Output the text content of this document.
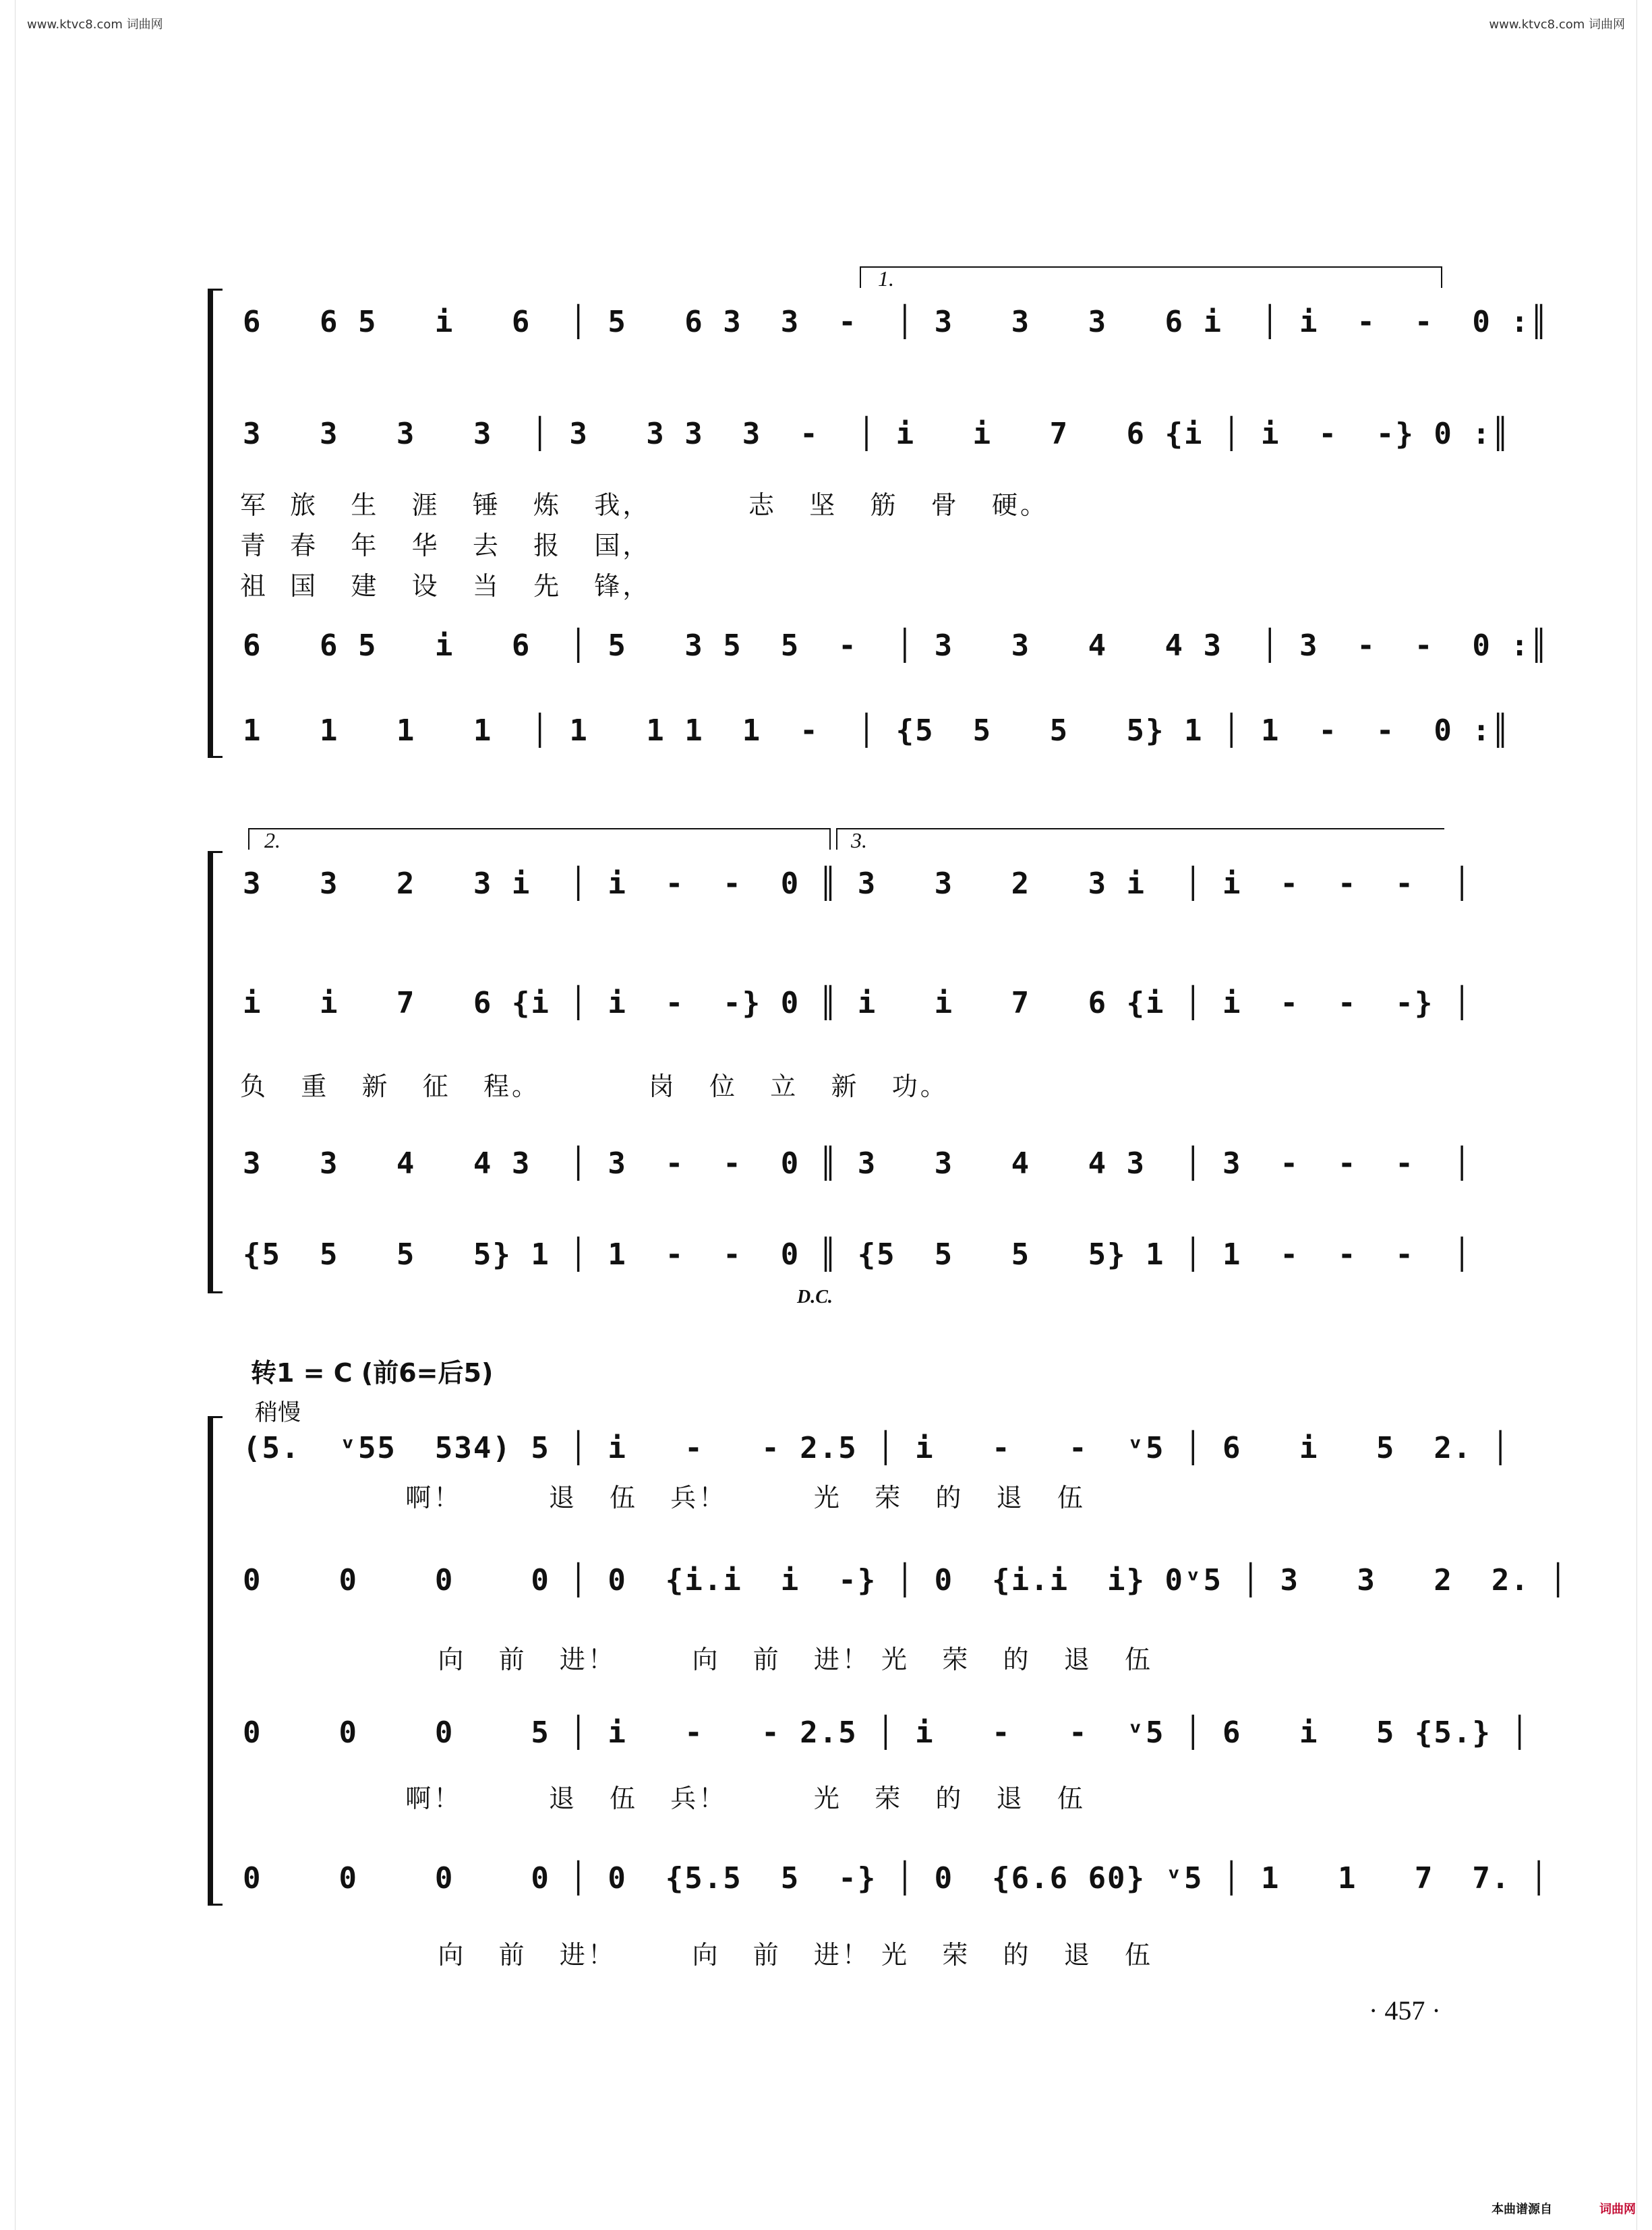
www.ktvc8.com 词曲网	www.ktvc8.com 词曲网
1.
6   6 5   i   6  │ 5   6 3  3  -  │ 3   3   3   6 i  │ i  -  -  0 :║
3   3   3   3  │ 3   3 3  3  -  │ i   i   7   6 {i │ i  -  -} 0 :║
军  旅   生   涯   锤   炼   我，         志   坚   筋   骨   硬。
青  春   年   华   去   报   国，
祖  国   建   设   当   先   锋，
6   6 5   i   6  │ 5   3 5  5  -  │ 3   3   4   4 3  │ 3  -  -  0 :║
1   1   1   1  │ 1   1 1  1  -  │ {5  5   5   5} 1 │ 1  -  -  0 :║
2.	3.
3   3   2   3 i  │ i  -  -  0 ║ 3   3   2   3 i  │ i  -  -  -  │
i   i   7   6 {i │ i  -  -} 0 ║ i   i   7   6 {i │ i  -  -  -} │
负   重   新   征   程。          岗   位   立   新   功。
3   3   4   4 3  │ 3  -  -  0 ║ 3   3   4   4 3  │ 3  -  -  -  │
{5  5   5   5} 1 │ 1  -  -  0 ║ {5  5   5   5} 1 │ 1  -  -  -  │
D.C.
转1 = C (前6=后5)
稍慢
(5.  ᵛ55  534) 5 │ i   -   - 2.5 │ i   -   -  ᵛ5 │ 6   i   5  2. │
啊！        退   伍   兵！        光   荣   的   退   伍
0    0    0    0 │ 0  {i.i  i  -} │ 0  {i.i  i} 0ᵛ5 │ 3   3   2  2. │
向   前   进！       向   前   进！ 光   荣   的   退   伍
0    0    0    5 │ i   -   - 2.5 │ i   -   -  ᵛ5 │ 6   i   5 {5.} │
啊！        退   伍   兵！        光   荣   的   退   伍
0    0    0    0 │ 0  {5.5  5  -} │ 0  {6.6 60} ᵛ5 │ 1   1   7  7. │
向   前   进！       向   前   进！ 光   荣   的   退   伍
· 457 ·
本曲谱源自	词曲网
